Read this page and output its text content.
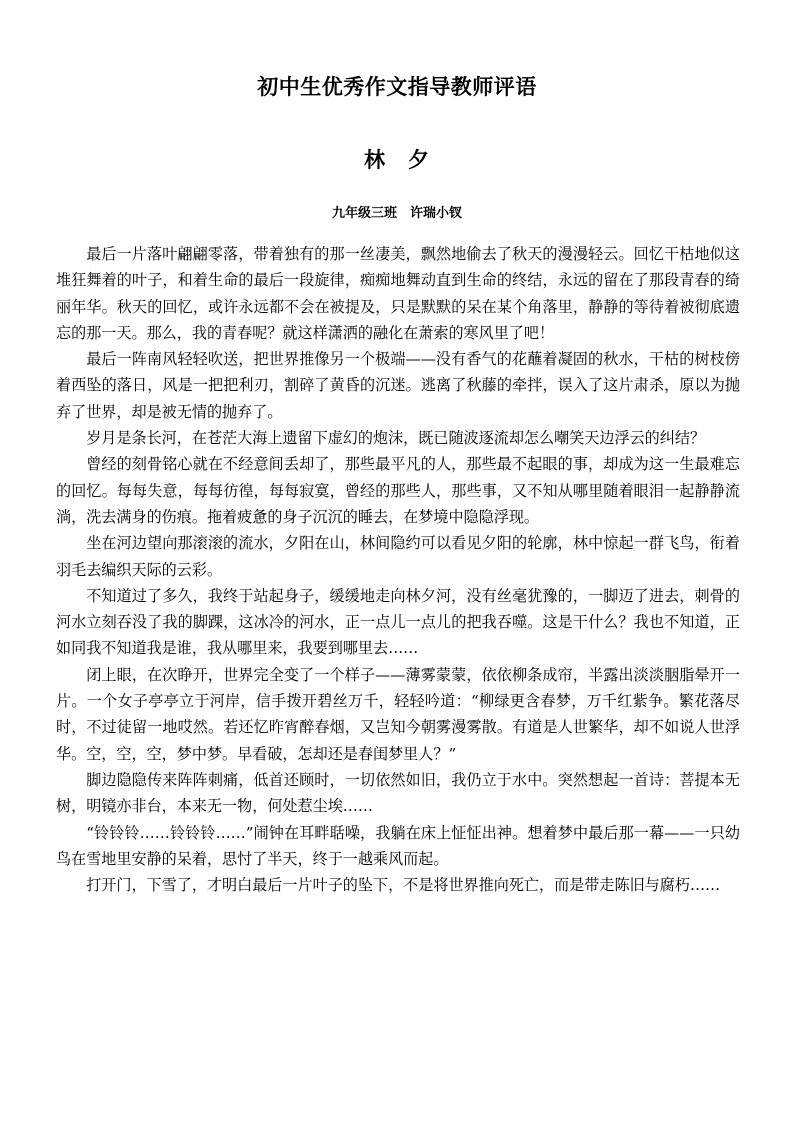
初中生优秀作文指导教师评语
林　夕
九年级三班　许瑞小钗

最后一片落叶翩翩零落，带着独有的那一丝凄美，飘然地偷去了秋天的漫漫轻云。回忆干枯地似这堆狂舞着的叶子，和着生命的最后一段旋律，痴痴地舞动直到生命的终结，永远的留在了那段青春的绮丽年华。秋天的回忆，或许永远都不会在被提及，只是默默的呆在某个角落里，静静的等待着被彻底遗忘的那一天。那么，我的青春呢？就这样潇洒的融化在萧索的寒风里了吧！

最后一阵南风轻轻吹送，把世界推像另一个极端——没有香气的花蘸着凝固的秋水，干枯的树枝傍着西坠的落日，风是一把把利刃，割碎了黄昏的沉迷。逃离了秋藤的牵拌，误入了这片肃杀，原以为抛弃了世界，却是被无情的抛弃了。

岁月是条长河，在苍茫大海上遗留下虚幻的炮沫，既已随波逐流却怎么嘲笑天边浮云的纠结？

曾经的刻骨铭心就在不经意间丢却了，那些最平凡的人，那些最不起眼的事，却成为这一生最难忘的回忆。每每失意，每每彷徨，每每寂寞，曾经的那些人，那些事，又不知从哪里随着眼泪一起静静流淌，洗去满身的伤痕。拖着疲惫的身子沉沉的睡去，在梦境中隐隐浮现。

坐在河边望向那滚滚的流水，夕阳在山，林间隐约可以看见夕阳的轮廓，林中惊起一群飞鸟，衔着羽毛去编织天际的云彩。

不知道过了多久，我终于站起身子，缓缓地走向林夕河，没有丝毫犹豫的，一脚迈了进去，刺骨的河水立刻吞没了我的脚踝，这冰冷的河水，正一点儿一点儿的把我吞噬。这是干什么？我也不知道，正如同我不知道我是谁，我从哪里来，我要到哪里去……

闭上眼，在次睁开，世界完全变了一个样子——薄雾蒙蒙，依依柳条成帘，半露出淡淡胭脂晕开一片。一个女子亭亭立于河岸，信手拨开碧丝万千，轻轻吟道：“柳绿更含春梦，万千红紫争。繁花落尽时，不过徒留一地哎然。若还忆昨宵醉春烟，又岂知今朝雾漫雾散。有道是人世繁华，却不如说人世浮华。空，空，空，梦中梦。早看破，怎却还是春闺梦里人？”

脚边隐隐传来阵阵刺痛，低首还顾时，一切依然如旧，我仍立于水中。突然想起一首诗：菩提本无树，明镜亦非台，本来无一物，何处惹尘埃……

“铃铃铃……铃铃铃……”闹钟在耳畔聒噪，我躺在床上怔怔出神。想着梦中最后那一幕——一只幼鸟在雪地里安静的呆着，思忖了半天，终于一越乘风而起。

打开门，下雪了，才明白最后一片叶子的坠下，不是将世界推向死亡，而是带走陈旧与腐朽……
